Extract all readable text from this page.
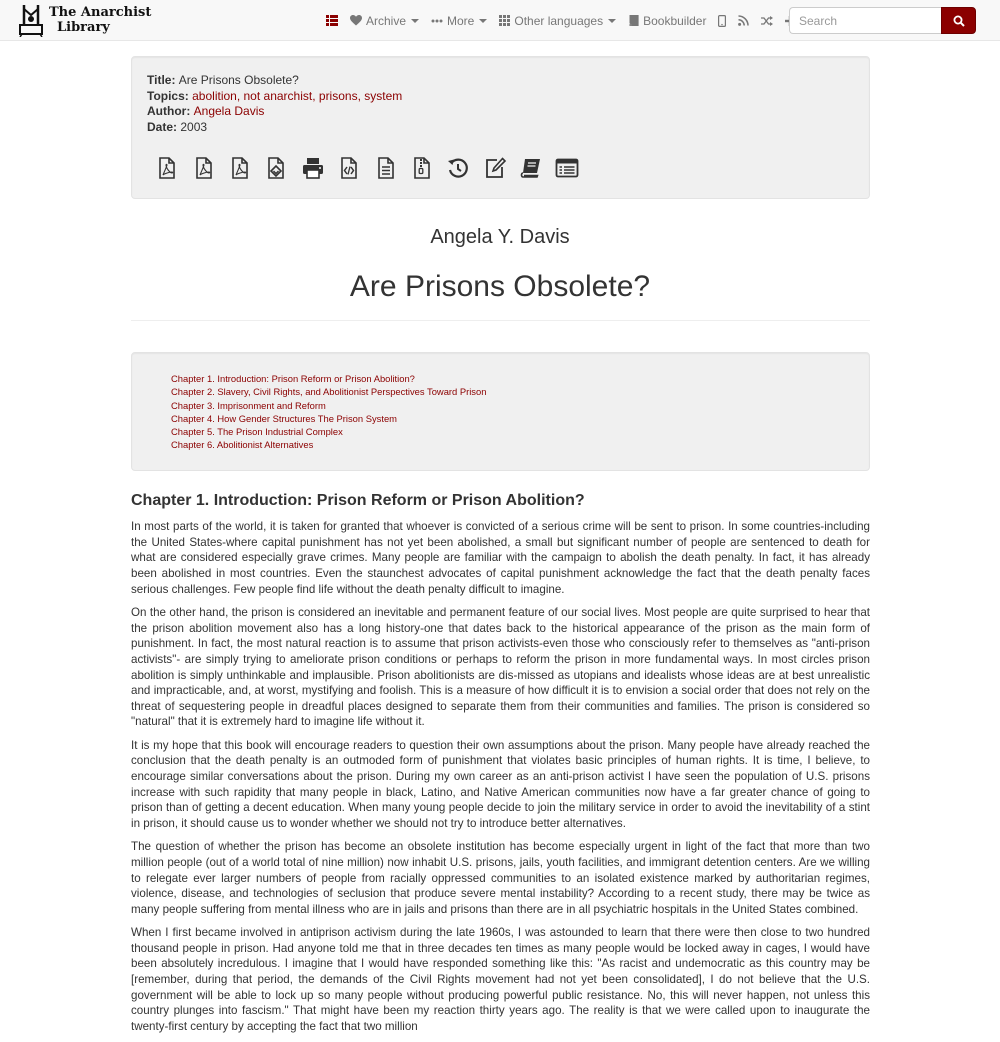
The Anarchist
Library	Archive	More	Other languages	Bookbuilder
Search
Title: Are Prisons Obsolete?
Topics: abolition, not anarchist, prisons, system
Author: Angela Davis
Date: 2003
Angela Y. Davis
Are Prisons Obsolete?
Chapter 1. Introduction: Prison Reform or Prison Abolition?
Chapter 2. Slavery, Civil Rights, and Abolitionist Perspectives Toward Prison
Chapter 3. Imprisonment and Reform
Chapter 4. How Gender Structures The Prison System
Chapter 5. The Prison Industrial Complex
Chapter 6. Abolitionist Alternatives
Chapter 1. Introduction: Prison Reform or Prison Abolition?

In most parts of the world, it is taken for granted that whoever is convicted of a serious crime will be sent to prison. In some countries-including the United States-where capital punishment has not yet been abolished, a small but significant number of people are sentenced to death for what are considered especially grave crimes. Many people are familiar with the campaign to abolish the death penalty. In fact, it has already been abolished in most countries. Even the staunchest advocates of capital punishment acknowledge the fact that the death penalty faces serious challenges. Few people find life without the death penalty difficult to imagine.

On the other hand, the prison is considered an inevitable and permanent feature of our social lives. Most people are quite surprised to hear that the prison abolition movement also has a long history-one that dates back to the historical appearance of the prison as the main form of punishment. In fact, the most natural reaction is to assume that prison activists-even those who consciously refer to themselves as "anti-prison activists"- are simply trying to ameliorate prison conditions or perhaps to reform the prison in more fundamental ways. In most circles prison abolition is simply unthinkable and implausible. Prison abolitionists are dis-missed as utopians and idealists whose ideas are at best unrealistic and impracticable, and, at worst, mystifying and foolish. This is a measure of how difficult it is to envision a social order that does not rely on the threat of sequestering people in dreadful places designed to separate them from their communities and families. The prison is considered so "natural" that it is extremely hard to imagine life without it.

It is my hope that this book will encourage readers to question their own assumptions about the prison. Many people have already reached the conclusion that the death penalty is an outmoded form of punishment that violates basic principles of human rights. It is time, I believe, to encourage similar conversations about the prison. During my own career as an anti-prison activist I have seen the population of U.S. prisons increase with such rapidity that many people in black, Latino, and Native American communities now have a far greater chance of going to prison than of getting a decent education. When many young people decide to join the military service in order to avoid the inevitability of a stint in prison, it should cause us to wonder whether we should not try to introduce better alternatives.

The question of whether the prison has become an obsolete institution has become especially urgent in light of the fact that more than two million people (out of a world total of nine million) now inhabit U.S. prisons, jails, youth facilities, and immigrant detention centers. Are we willing to relegate ever larger numbers of people from racially oppressed communities to an isolated existence marked by authoritarian regimes, violence, disease, and technologies of seclusion that produce severe mental instability? According to a recent study, there may be twice as many people suffering from mental illness who are in jails and prisons than there are in all psychiatric hospitals in the United States combined.

When I first became involved in antiprison activism during the late 1960s, I was astounded to learn that there were then close to two hundred thousand people in prison. Had anyone told me that in three decades ten times as many people would be locked away in cages, I would have been absolutely incredulous. I imagine that I would have responded something like this: "As racist and undemocratic as this country may be [remember, during that period, the demands of the Civil Rights movement had not yet been consolidated], I do not believe that the U.S. government will be able to lock up so many people without producing powerful public resistance. No, this will never happen, not unless this country plunges into fascism." That might have been my reaction thirty years ago. The reality is that we were called upon to inaugurate the twenty-first century by accepting the fact that two million
